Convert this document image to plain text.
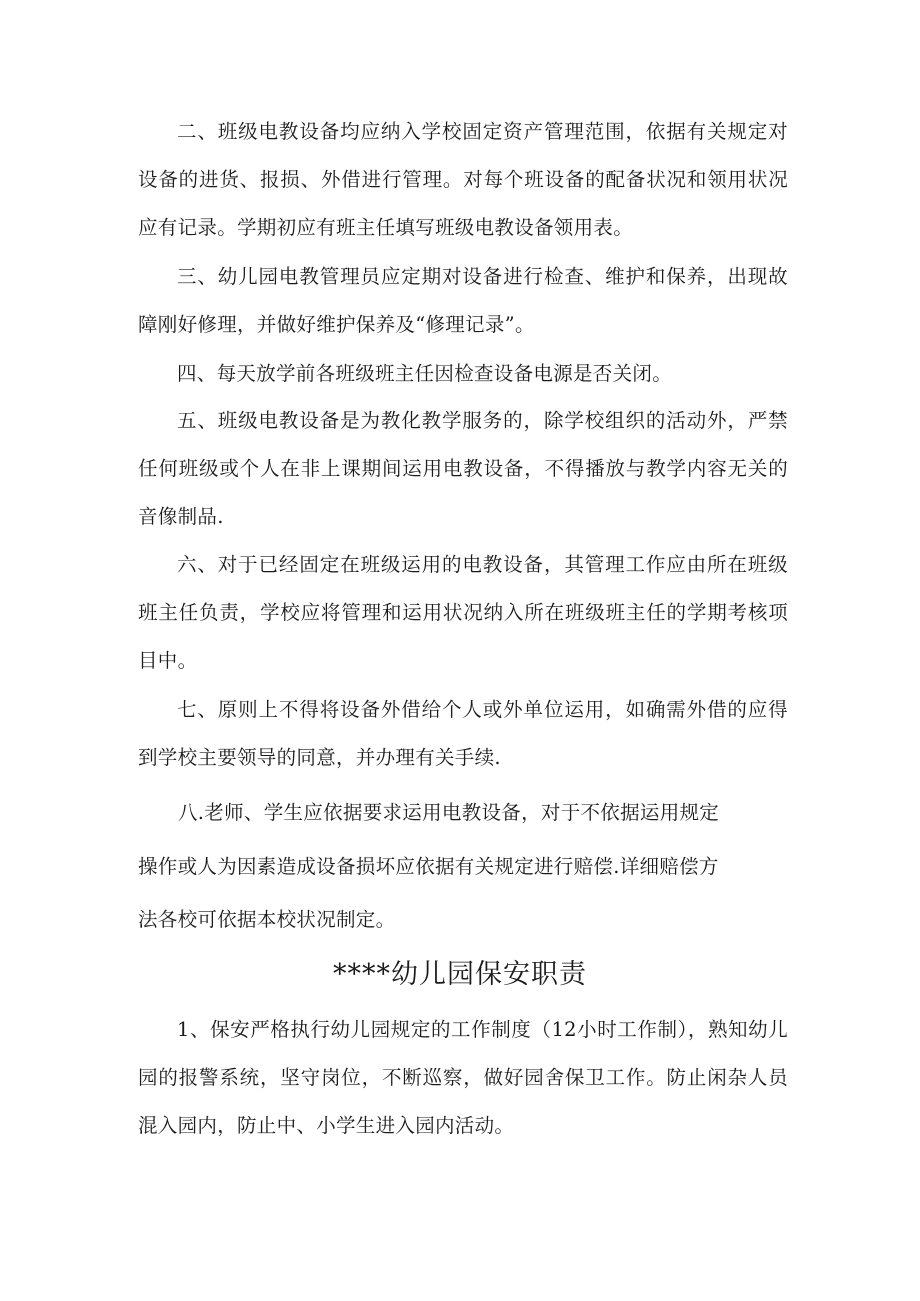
二、班级电教设备均应纳入学校固定资产管理范围，依据有关规定对设备的进货、报损、外借进行管理。对每个班设备的配备状况和领用状况应有记录。学期初应有班主任填写班级电教设备领用表。

三、幼儿园电教管理员应定期对设备进行检查、维护和保养，出现故障刚好修理，并做好维护保养及“修理记录”。

四、每天放学前各班级班主任因检查设备电源是否关闭。

五、班级电教设备是为教化教学服务的，除学校组织的活动外，严禁任何班级或个人在非上课期间运用电教设备，不得播放与教学内容无关的音像制品.

六、对于已经固定在班级运用的电教设备，其管理工作应由所在班级班主任负责，学校应将管理和运用状况纳入所在班级班主任的学期考核项目中。

七、原则上不得将设备外借给个人或外单位运用，如确需外借的应得到学校主要领导的同意，并办理有关手续.

八.老师、学生应依据要求运用电教设备，对于不依据运用规定

操作或人为因素造成设备损坏应依据有关规定进行赔偿.详细赔偿方

法各校可依据本校状况制定。

****幼儿园保安职责

1、保安严格执行幼儿园规定的工作制度（12小时工作制），熟知幼儿园的报警系统，坚守岗位，不断巡察，做好园舍保卫工作。防止闲杂人员混入园内，防止中、小学生进入园内活动。
